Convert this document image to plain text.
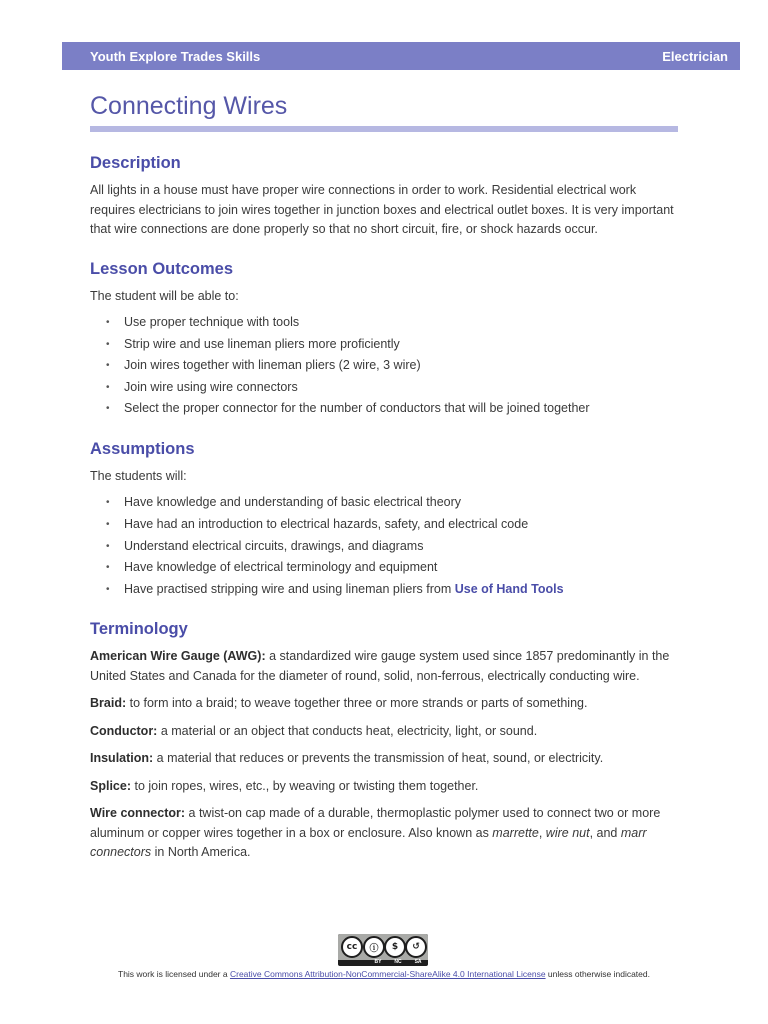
Youth Explore Trades Skills	Electrician
Connecting Wires
Description

All lights in a house must have proper wire connections in order to work. Residential electrical work requires electricians to join wires together in junction boxes and electrical outlet boxes. It is very important that wire connections are done properly so that no short circuit, fire, or shock hazards occur.

Lesson Outcomes

The student will be able to:

• Use proper technique with tools
• Strip wire and use lineman pliers more proficiently
• Join wires together with lineman pliers (2 wire, 3 wire)
• Join wire using wire connectors
• Select the proper connector for the number of conductors that will be joined together
Assumptions

The students will:

• Have knowledge and understanding of basic electrical theory
• Have had an introduction to electrical hazards, safety, and electrical code
• Understand electrical circuits, drawings, and diagrams
• Have knowledge of electrical terminology and equipment
• Have practised stripping wire and using lineman pliers from Use of Hand Tools
Terminology

American Wire Gauge (AWG): a standardized wire gauge system used since 1857 predominantly in the United States and Canada for the diameter of round, solid, non-ferrous, electrically conducting wire.

Braid: to form into a braid; to weave together three or more strands or parts of something.

Conductor: a material or an object that conducts heat, electricity, light, or sound.

Insulation: a material that reduces or prevents the transmission of heat, sound, or electricity.

Splice: to join ropes, wires, etc., by weaving or twisting them together.

Wire connector: a twist-on cap made of a durable, thermoplastic polymer used to connect two or more aluminum or copper wires together in a box or enclosure. Also known as marrette, wire nut, and marr connectors in North America.

cc	ⓘ	$	↺
BY	NC	SA
This work is licensed under a Creative Commons Attribution-NonCommercial-ShareAlike 4.0 International License unless otherwise indicated.
